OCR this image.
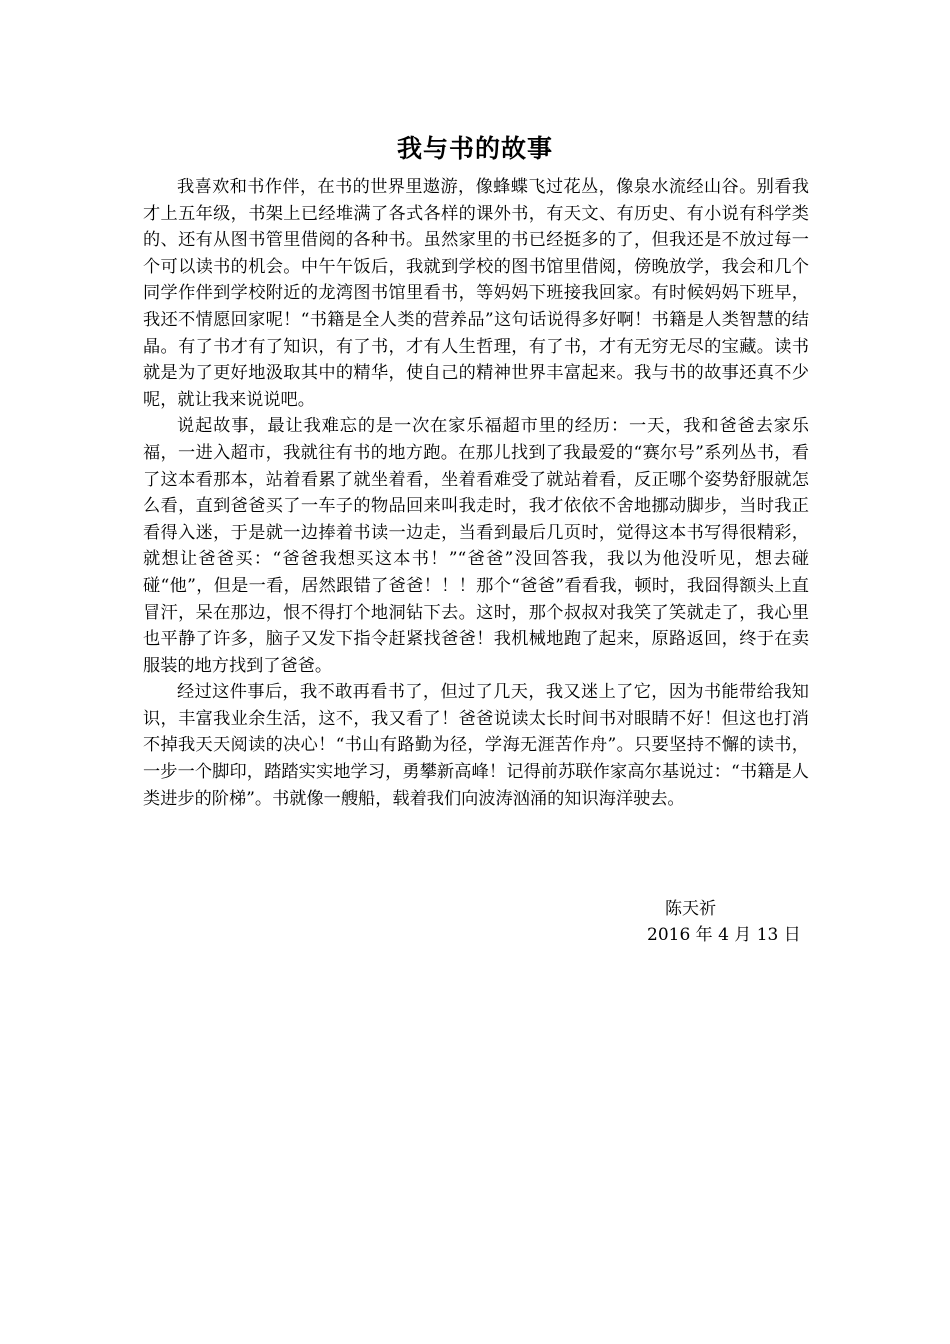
我与书的故事

我喜欢和书作伴，在书的世界里遨游，像蜂蝶飞过花丛，像泉水流经山谷。别看我才上五年级，书架上已经堆满了各式各样的课外书，有天文、有历史、有小说有科学类的、还有从图书管里借阅的各种书。虽然家里的书已经挺多的了，但我还是不放过每一个可以读书的机会。中午午饭后，我就到学校的图书馆里借阅，傍晚放学，我会和几个同学作伴到学校附近的龙湾图书馆里看书，等妈妈下班接我回家。有时候妈妈下班早，我还不情愿回家呢！“书籍是全人类的营养品”这句话说得多好啊！书籍是人类智慧的结晶。有了书才有了知识，有了书，才有人生哲理，有了书，才有无穷无尽的宝藏。读书就是为了更好地汲取其中的精华，使自己的精神世界丰富起来。我与书的故事还真不少呢，就让我来说说吧。

说起故事，最让我难忘的是一次在家乐福超市里的经历：一天，我和爸爸去家乐福，一进入超市，我就往有书的地方跑。在那儿找到了我最爱的“赛尔号”系列丛书，看了这本看那本，站着看累了就坐着看，坐着看难受了就站着看，反正哪个姿势舒服就怎么看，直到爸爸买了一车子的物品回来叫我走时，我才依依不舍地挪动脚步，当时我正看得入迷，于是就一边捧着书读一边走，当看到最后几页时，觉得这本书写得很精彩，就想让爸爸买：“爸爸我想买这本书！”“爸爸”没回答我，我以为他没听见，想去碰碰“他”，但是一看，居然跟错了爸爸！！！那个“爸爸”看看我，顿时，我囧得额头上直冒汗，呆在那边，恨不得打个地洞钻下去。这时，那个叔叔对我笑了笑就走了，我心里也平静了许多，脑子又发下指令赶紧找爸爸！我机械地跑了起来，原路返回，终于在卖服装的地方找到了爸爸。

经过这件事后，我不敢再看书了，但过了几天，我又迷上了它，因为书能带给我知识，丰富我业余生活，这不，我又看了！爸爸说读太长时间书对眼睛不好！但这也打消不掉我天天阅读的决心！“书山有路勤为径，学海无涯苦作舟”。只要坚持不懈的读书，一步一个脚印，踏踏实实地学习，勇攀新高峰！记得前苏联作家高尔基说过：“书籍是人类进步的阶梯”。书就像一艘船，载着我们向波涛汹涌的知识海洋驶去。

陈天祈
2016 年 4 月 13 日
